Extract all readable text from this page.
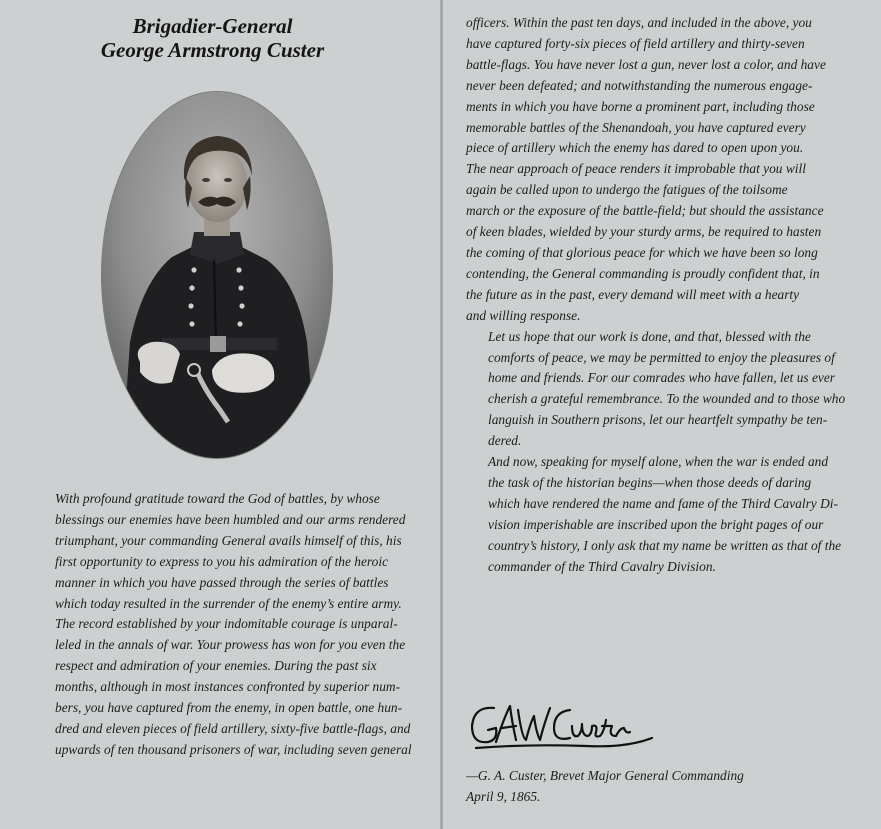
Brigadier-General
George Armstrong Custer

With profound gratitude toward the God of battles, by whose
blessings our enemies have been humbled and our arms rendered
triumphant, your commanding General avails himself of this, his
first opportunity to express to you his admiration of the heroic
manner in which you have passed through the series of battles
which today resulted in the surrender of the enemy’s entire army.

The record established by your indomitable courage is unparal-
leled in the annals of war. Your prowess has won for you even the
respect and admiration of your enemies. During the past six
months, although in most instances confronted by superior num-
bers, you have captured from the enemy, in open battle, one hun-
dred and eleven pieces of field artillery, sixty-five battle-flags, and
upwards of ten thousand prisoners of war, including seven general

officers. Within the past ten days, and included in the above, you
have captured forty-six pieces of field artillery and thirty-seven
battle-flags. You have never lost a gun, never lost a color, and have
never been defeated; and notwithstanding the numerous engage-
ments in which you have borne a prominent part, including those
memorable battles of the Shenandoah, you have captured every
piece of artillery which the enemy has dared to open upon you.
The near approach of peace renders it improbable that you will
again be called upon to undergo the fatigues of the toilsome
march or the exposure of the battle-field; but should the assistance
of keen blades, wielded by your sturdy arms, be required to hasten
the coming of that glorious peace for which we have been so long
contending, the General commanding is proudly confident that, in
the future as in the past, every demand will meet with a hearty
and willing response.

Let us hope that our work is done, and that, blessed with the
comforts of peace, we may be permitted to enjoy the pleasures of
home and friends. For our comrades who have fallen, let us ever
cherish a grateful remembrance. To the wounded and to those who
languish in Southern prisons, let our heartfelt sympathy be ten-
dered.

And now, speaking for myself alone, when the war is ended and
the task of the historian begins—when those deeds of daring
which have rendered the name and fame of the Third Cavalry Di-
vision imperishable are inscribed upon the bright pages of our
country’s history, I only ask that my name be written as that of the
commander of the Third Cavalry Division.

—G. A. Custer, Brevet Major General Commanding
April 9, 1865.
